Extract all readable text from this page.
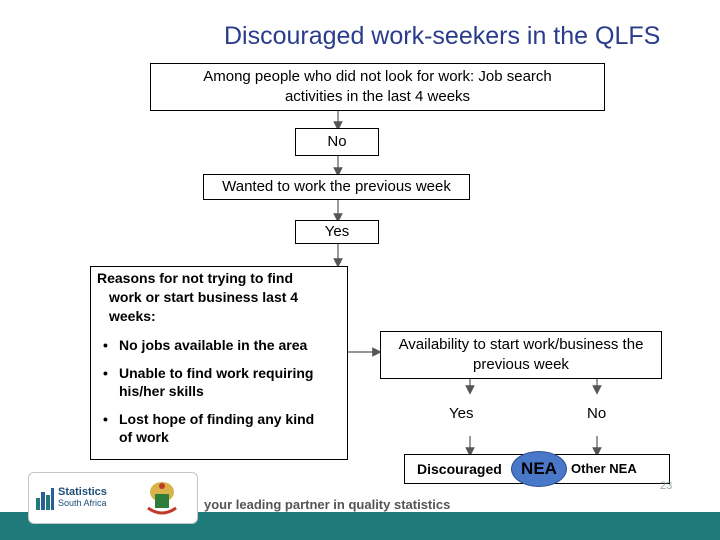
Discouraged work-seekers in the QLFS
Among people who did not look for work: Job search
activities in the last 4 weeks
No
Wanted to work the previous week
Yes
Reasons for not trying to find
work or start business last 4
weeks:
• No jobs available in the area
• Unable to find work requiring
his/her skills
• Lost hope of finding any kind
of work
Availability to start work/business the
previous week
Yes	No
Discouraged NEA Other NEA
Statistics
South Africa	your leading partner in quality statistics
23
••••
